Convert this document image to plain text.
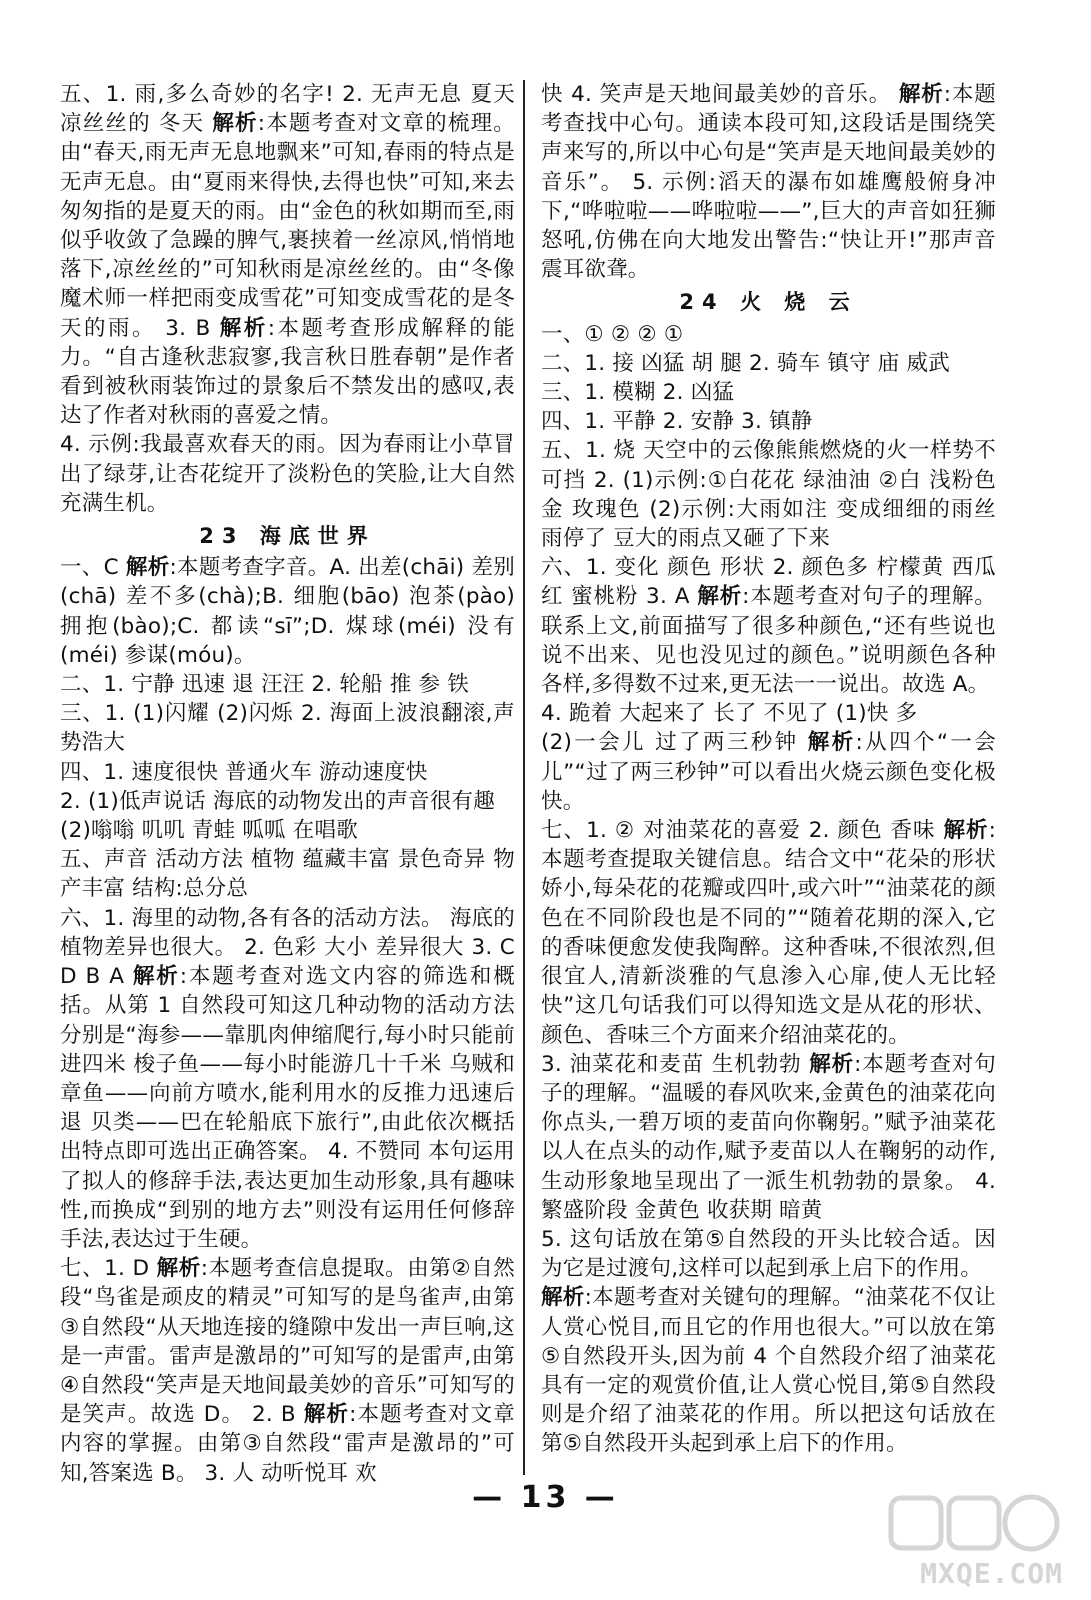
五、1. 雨,多么奇妙的名字! 2. 无声无息 夏天 凉丝丝的 冬天 解析:本题考查对文章的梳理。由“春天,雨无声无息地飘来”可知,春雨的特点是无声无息。由“夏雨来得快,去得也快”可知,来去匆匆指的是夏天的雨。由“金色的秋如期而至,雨似乎收敛了急躁的脾气,裹挟着一丝凉风,悄悄地落下,凉丝丝的”可知秋雨是凉丝丝的。由“冬像魔术师一样把雨变成雪花”可知变成雪花的是冬天的雨。 3. B 解析:本题考查形成解释的能力。“自古逢秋悲寂寥,我言秋日胜春朝”是作者看到被秋雨装饰过的景象后不禁发出的感叹,表达了作者对秋雨的喜爱之情。

4. 示例:我最喜欢春天的雨。因为春雨让小草冒出了绿芽,让杏花绽开了淡粉色的笑脸,让大自然充满生机。

23 海底世界

一、C 解析:本题考查字音。A. 出差(chāi) 差别(chā) 差不多(chà);B. 细胞(bāo) 泡茶(pào) 拥抱(bào);C. 都读“sī”;D. 煤球(méi) 没有(méi) 参谋(móu)。

二、1. 宁静 迅速 退 汪汪 2. 轮船 推 参 铁

三、1. (1)闪耀 (2)闪烁 2. 海面上波浪翻滚,声势浩大

四、1. 速度很快 普通火车 游动速度快

2. (1)低声说话 海底的动物发出的声音很有趣

(2)嗡嗡 叽叽 青蛙 呱呱 在唱歌

五、声音 活动方法 植物 蕴藏丰富 景色奇异 物产丰富 结构:总分总

六、1. 海里的动物,各有各的活动方法。 海底的植物差异也很大。 2. 色彩 大小 差异很大 3. C D B A 解析:本题考查对选文内容的筛选和概括。从第 1 自然段可知这几种动物的活动方法分别是“海参——靠肌肉伸缩爬行,每小时只能前进四米 梭子鱼——每小时能游几十千米 乌贼和章鱼——向前方喷水,能利用水的反推力迅速后退 贝类——巴在轮船底下旅行”,由此依次概括出特点即可选出正确答案。 4. 不赞同 本句运用了拟人的修辞手法,表达更加生动形象,具有趣味性,而换成“到别的地方去”则没有运用任何修辞手法,表达过于生硬。

七、1. D 解析:本题考查信息提取。由第②自然段“鸟雀是顽皮的精灵”可知写的是鸟雀声,由第③自然段“从天地连接的缝隙中发出一声巨响,这是一声雷。雷声是激昂的”可知写的是雷声,由第④自然段“笑声是天地间最美妙的音乐”可知写的是笑声。故选 D。 2. B 解析:本题考查对文章内容的掌握。由第③自然段“雷声是激昂的”可知,答案选 B。 3. 人 动听悦耳 欢

快 4. 笑声是天地间最美妙的音乐。 解析:本题考查找中心句。通读本段可知,这段话是围绕笑声来写的,所以中心句是“笑声是天地间最美妙的音乐”。 5. 示例:滔天的瀑布如雄鹰般俯身冲下,“哗啦啦——哗啦啦——”,巨大的声音如狂狮怒吼,仿佛在向大地发出警告:“快让开!”那声音震耳欲聋。

24 火 烧 云

一、① ② ② ①

二、1. 接 凶猛 胡 腿 2. 骑车 镇守 庙 威武

三、1. 模糊 2. 凶猛

四、1. 平静 2. 安静 3. 镇静

五、1. 烧 天空中的云像熊熊燃烧的火一样势不可挡 2. (1)示例:①白花花 绿油油 ②白 浅粉色 金 玫瑰色 (2)示例:大雨如注 变成细细的雨丝 雨停了 豆大的雨点又砸了下来

六、1. 变化 颜色 形状 2. 颜色多 柠檬黄 西瓜红 蜜桃粉 3. A 解析:本题考查对句子的理解。联系上文,前面描写了很多种颜色,“还有些说也说不出来、见也没见过的颜色。”说明颜色各种各样,多得数不过来,更无法一一说出。故选 A。

4. 跪着 大起来了 长了 不见了 (1)快 多

(2)一会儿 过了两三秒钟 解析:从四个“一会儿”“过了两三秒钟”可以看出火烧云颜色变化极快。

七、1. ② 对油菜花的喜爱 2. 颜色 香味 解析:本题考查提取关键信息。结合文中“花朵的形状娇小,每朵花的花瓣或四叶,或六叶”“油菜花的颜色在不同阶段也是不同的”“随着花期的深入,它的香味便愈发使我陶醉。这种香味,不很浓烈,但很宜人,清新淡雅的气息渗入心扉,使人无比轻快”这几句话我们可以得知选文是从花的形状、颜色、香味三个方面来介绍油菜花的。

3. 油菜花和麦苗 生机勃勃 解析:本题考查对句子的理解。“温暖的春风吹来,金黄色的油菜花向你点头,一碧万顷的麦苗向你鞠躬。”赋予油菜花以人在点头的动作,赋予麦苗以人在鞠躬的动作,生动形象地呈现出了一派生机勃勃的景象。 4. 繁盛阶段 金黄色 收获期 暗黄

5. 这句话放在第⑤自然段的开头比较合适。因为它是过渡句,这样可以起到承上启下的作用。

解析:本题考查对关键句的理解。“油菜花不仅让人赏心悦目,而且它的作用也很大。”可以放在第⑤自然段开头,因为前 4 个自然段介绍了油菜花具有一定的观赏价值,让人赏心悦目,第⑤自然段则是介绍了油菜花的作用。所以把这句话放在第⑤自然段开头起到承上启下的作用。

— 13 —
MXQE.COM
